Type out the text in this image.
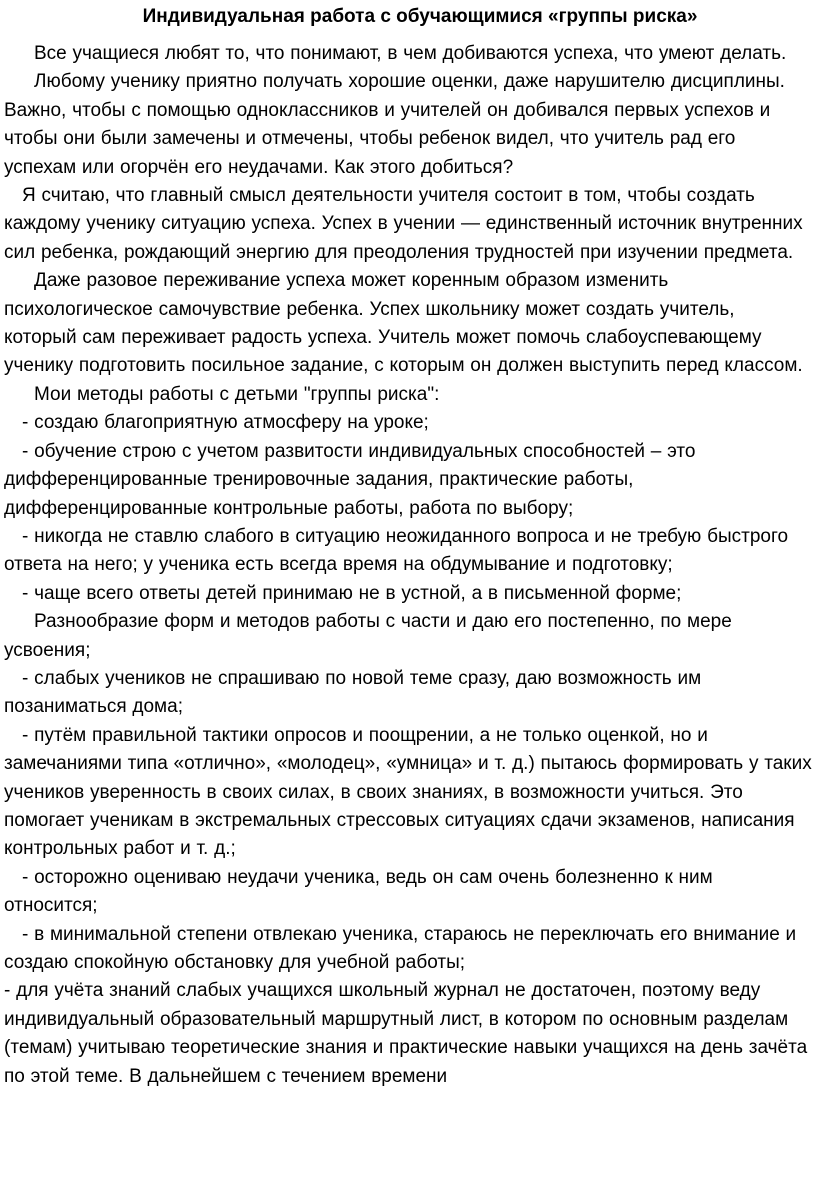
Индивидуальная работа с обучающимися «группы риска»

Все учащиеся любят то, что понимают, в чем добиваются успеха, что умеют делать.

Любому ученику приятно получать хорошие оценки, даже нарушителю дисциплины. Важно, чтобы с помощью одноклассников и учителей он добивался первых успехов и чтобы они были замечены и отмечены, чтобы ребенок видел, что учитель рад его успехам или огорчён его неудачами. Как этого добиться?

Я считаю, что главный смысл деятельности учителя состоит в том, чтобы создать каждому ученику ситуацию успеха. Успех в учении — единственный источник внутренних сил ребенка, рождающий энергию для преодоления трудностей при изучении предмета.

Даже разовое переживание успеха может коренным образом изменить психологическое самочувствие ребенка. Успех школьнику может создать учитель, который сам переживает радость успеха. Учитель может помочь слабоуспевающему ученику подготовить посильное задание, с которым он должен выступить перед классом.

Мои методы работы с детьми "группы риска":

- создаю благоприятную атмосферу на уроке;

- обучение строю с учетом развитости индивидуальных способностей – это дифференцированные тренировочные задания, практические работы, дифференцированные контрольные работы, работа по выбору;

- никогда не ставлю слабого в ситуацию неожиданного вопроса и не требую быстрого ответа на него; у ученика есть всегда время на обдумывание и подготовку;

- чаще всего ответы детей принимаю не в устной, а в письменной форме;

Разнообразие форм и методов работы с части и даю его постепенно, по мере усвоения;

- слабых учеников не спрашиваю по новой теме сразу, даю возможность им позаниматься дома;

- путём правильной тактики опросов и поощрении, а не только оценкой, но и замечаниями типа «отлично», «молодец», «умница» и т. д.) пытаюсь формировать у таких учеников уверенность в своих силах, в своих знаниях, в возможности учиться. Это помогает ученикам в экстремальных стрессовых ситуациях сдачи экзаменов, написания контрольных работ и т. д.;

- осторожно оцениваю неудачи ученика, ведь он сам очень болезненно к ним относится;

- в минимальной степени отвлекаю ученика, стараюсь не переключать его внимание и создаю спокойную обстановку для учебной работы;

- для учёта знаний слабых учащихся школьный журнал не достаточен, поэтому веду индивидуальный образовательный маршрутный лист, в котором по основным разделам (темам) учитываю теоретические знания и практические навыки учащихся на день зачёта по этой теме. В дальнейшем с течением времени
